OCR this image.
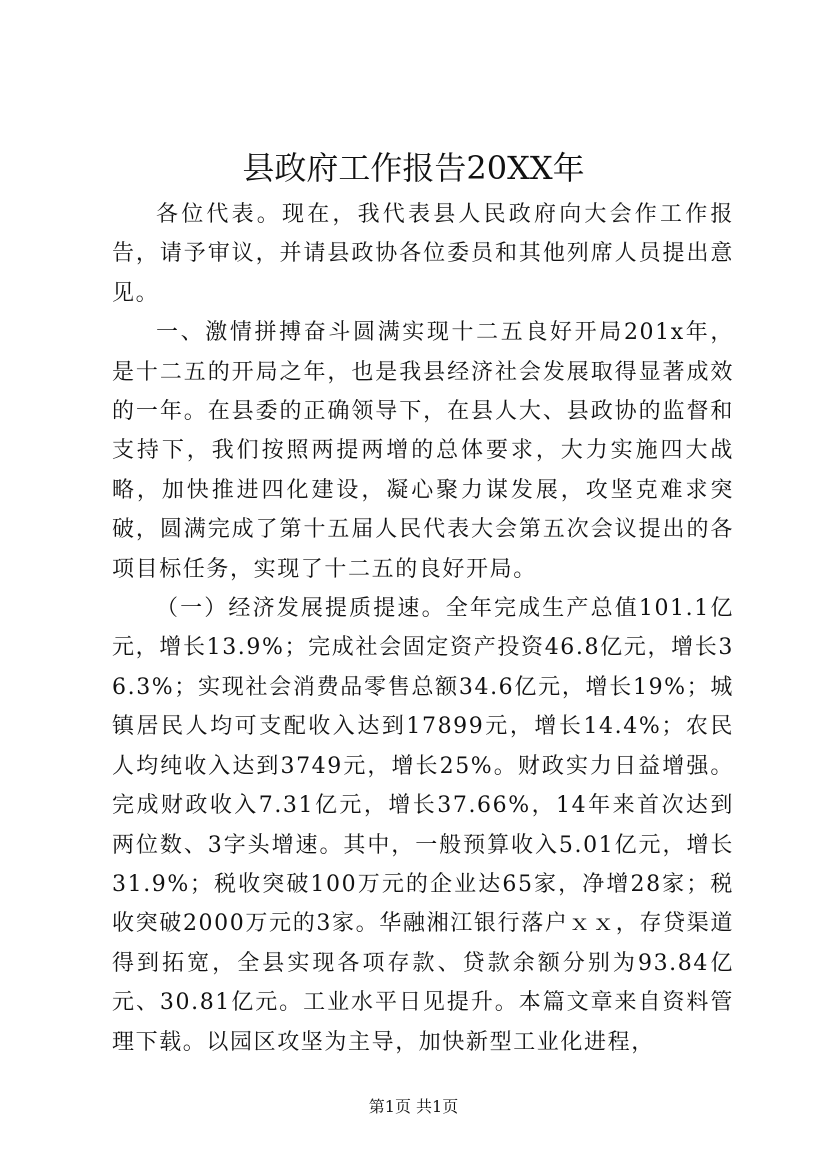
县政府工作报告20XX年

各位代表。现在，我代表县人民政府向大会作工作报告，请予审议，并请县政协各位委员和其他列席人员提出意见。

一、激情拼搏奋斗圆满实现十二五良好开局201x年，是十二五的开局之年，也是我县经济社会发展取得显著成效的一年。在县委的正确领导下，在县人大、县政协的监督和支持下，我们按照两提两增的总体要求，大力实施四大战略，加快推进四化建设，凝心聚力谋发展，攻坚克难求突破，圆满完成了第十五届人民代表大会第五次会议提出的各项目标任务，实现了十二五的良好开局。

（一）经济发展提质提速。全年完成生产总值101.1亿元，增长13.9%；完成社会固定资产投资46.8亿元，增长36.3%；实现社会消费品零售总额34.6亿元，增长19%；城镇居民人均可支配收入达到17899元，增长14.4%；农民人均纯收入达到3749元，增长25%。财政实力日益增强。完成财政收入7.31亿元，增长37.66%，14年来首次达到两位数、3字头增速。其中，一般预算收入5.01亿元，增长31.9%；税收突破100万元的企业达65家，净增28家；税收突破2000万元的3家。华融湘江银行落户ｘｘ，存贷渠道得到拓宽，全县实现各项存款、贷款余额分别为93.84亿元、30.81亿元。工业水平日见提升。本篇文章来自资料管理下载。以园区攻坚为主导，加快新型工业化进程，

第1页 共1页
